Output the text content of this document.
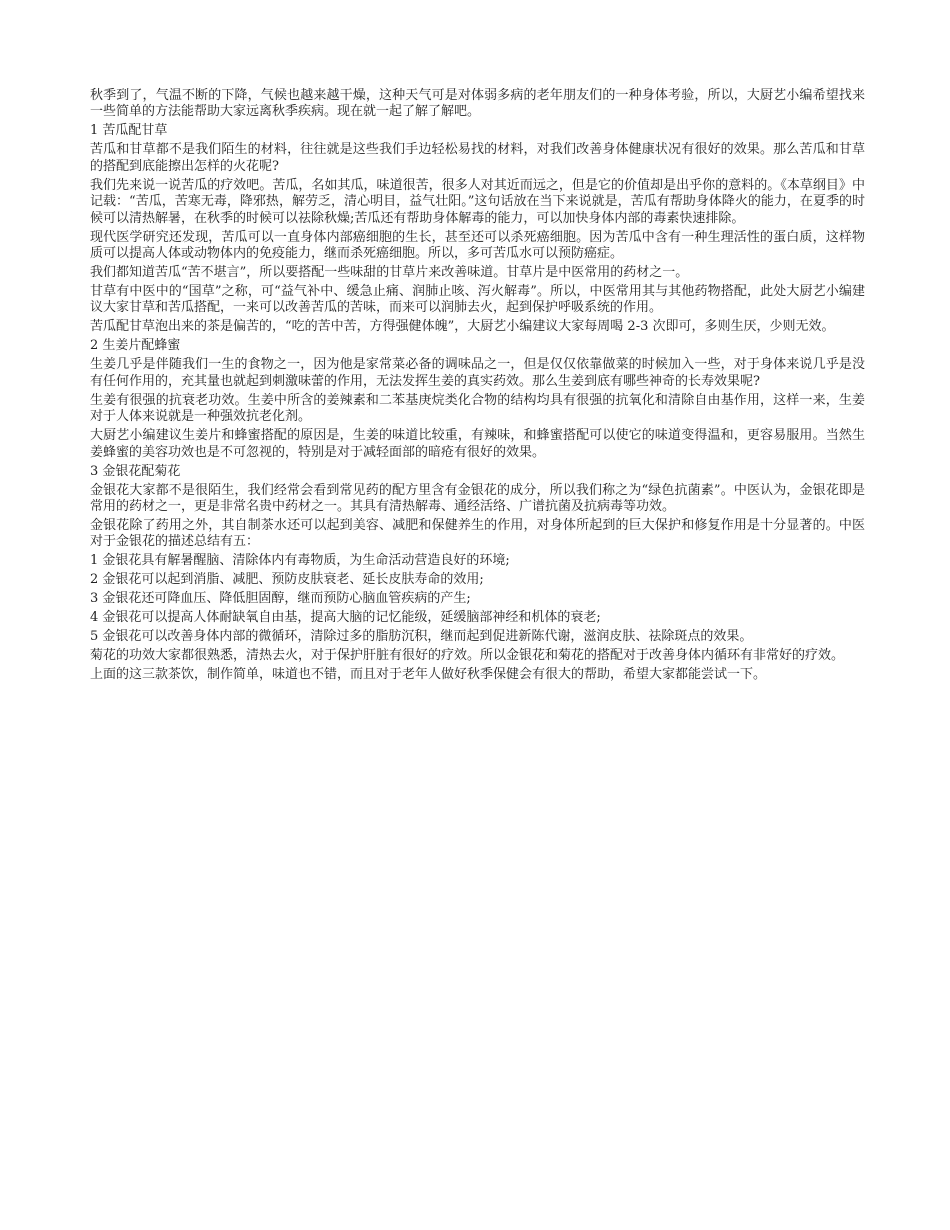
秋季到了，气温不断的下降，气候也越来越干燥，这种天气可是对体弱多病的老年朋友们的一种身体考验，所以，大厨艺小编希望找来一些简单的方法能帮助大家远离秋季疾病。现在就一起了解了解吧。

1 苦瓜配甘草

苦瓜和甘草都不是我们陌生的材料，往往就是这些我们手边轻松易找的材料，对我们改善身体健康状况有很好的效果。那么苦瓜和甘草的搭配到底能擦出怎样的火花呢?

我们先来说一说苦瓜的疗效吧。苦瓜，名如其瓜，味道很苦，很多人对其近而远之，但是它的价值却是出乎你的意料的。《本草纲目》中记载：“苦瓜，苦寒无毒，降邪热，解劳乏，清心明目，益气壮阳。”这句话放在当下来说就是，苦瓜有帮助身体降火的能力，在夏季的时候可以清热解暑，在秋季的时候可以祛除秋燥;苦瓜还有帮助身体解毒的能力，可以加快身体内部的毒素快速排除。

现代医学研究还发现，苦瓜可以一直身体内部癌细胞的生长，甚至还可以杀死癌细胞。因为苦瓜中含有一种生理活性的蛋白质，这样物质可以提高人体或动物体内的免疫能力，继而杀死癌细胞。所以，多可苦瓜水可以预防癌症。

我们都知道苦瓜“苦不堪言”，所以要搭配一些味甜的甘草片来改善味道。甘草片是中医常用的药材之一。

甘草有中医中的“国草”之称，可“益气补中、缓急止痛、润肺止咳、泻火解毒”。所以，中医常用其与其他药物搭配，此处大厨艺小编建议大家甘草和苦瓜搭配，一来可以改善苦瓜的苦味，而来可以润肺去火，起到保护呼吸系统的作用。

苦瓜配甘草泡出来的茶是偏苦的，“吃的苦中苦，方得强健体魄”，大厨艺小编建议大家每周喝 2-3 次即可，多则生厌，少则无效。

2 生姜片配蜂蜜

生姜几乎是伴随我们一生的食物之一，因为他是家常菜必备的调味品之一，但是仅仅依靠做菜的时候加入一些，对于身体来说几乎是没有任何作用的，充其量也就起到刺激味蕾的作用，无法发挥生姜的真实药效。那么生姜到底有哪些神奇的长寿效果呢?

生姜有很强的抗衰老功效。生姜中所含的姜辣素和二苯基庚烷类化合物的结构均具有很强的抗氧化和清除自由基作用，这样一来，生姜对于人体来说就是一种强效抗老化剂。

大厨艺小编建议生姜片和蜂蜜搭配的原因是，生姜的味道比较重，有辣味，和蜂蜜搭配可以使它的味道变得温和，更容易服用。当然生姜蜂蜜的美容功效也是不可忽视的，特别是对于减轻面部的暗疮有很好的效果。

3 金银花配菊花

金银花大家都不是很陌生，我们经常会看到常见药的配方里含有金银花的成分，所以我们称之为“绿色抗菌素”。中医认为，金银花即是常用的药材之一，更是非常名贵中药材之一。其具有清热解毒、通经活络、广谱抗菌及抗病毒等功效。

金银花除了药用之外，其自制茶水还可以起到美容、减肥和保健养生的作用，对身体所起到的巨大保护和修复作用是十分显著的。中医对于金银花的描述总结有五：

1 金银花具有解暑醒脑、清除体内有毒物质，为生命活动营造良好的环境;

2 金银花可以起到消脂、减肥、预防皮肤衰老、延长皮肤寿命的效用;

3 金银花还可降血压、降低胆固醇，继而预防心脑血管疾病的产生;

4 金银花可以提高人体耐缺氧自由基，提高大脑的记忆能级，延缓脑部神经和机体的衰老;

5 金银花可以改善身体内部的微循环，清除过多的脂肪沉积，继而起到促进新陈代谢，滋润皮肤、祛除斑点的效果。

菊花的功效大家都很熟悉，清热去火，对于保护肝脏有很好的疗效。所以金银花和菊花的搭配对于改善身体内循环有非常好的疗效。

上面的这三款茶饮，制作简单，味道也不错，而且对于老年人做好秋季保健会有很大的帮助，希望大家都能尝试一下。
